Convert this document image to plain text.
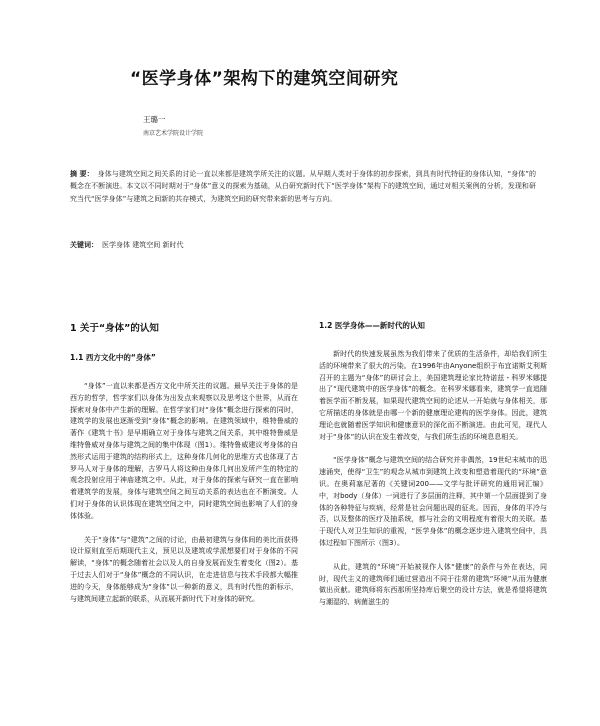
“医学身体”架构下的建筑空间研究
王璐一
南京艺术学院设计学院
摘 要： 身体与建筑空间之间关系的讨论一直以来都是建筑学所关注的议题。从早期人类对于身体的初步探索，到具有时代特征的身体认知，“身体”的概念在不断演进。本文以不同时期对于“身体”意义的探索为基础，从白研究新时代下“医学身体”架构下的建筑空间，通过对相关案例的分析，发现和研究当代“医学身体”与建筑之间新的共存模式，为建筑空间的研究带来新的思考与方向。
关键词： 医学身体 建筑空间 新时代
1 关于“身体”的认知
1.1 西方文化中的“身体”

“身体”一直以来都是西方文化中所关注的议题。最早关注于身体的是西方的哲学，哲学家们以身体为出发点来观察以及思考这个世界，从而在探索对身体中产生新的理解。在哲学家们对“身体”概念进行探索的同时，建筑学的发展也逐渐受到“身体”概念的影响。在建筑领域中，维特鲁威的著作《建筑十书》是早期确立对于身体与建筑之间关系，其中维特鲁威是维特鲁威对身体与建筑之间的集中体现（图1）。维特鲁威建议考身体的自然形式运用于建筑的结构形式上，这种身体几何化的思维方式也体现了古罗马人对于身体的理解，古罗马人将这种由身体几何出发所产生的特定的观念投射应用于神庙建筑之中。从此，对于身体的探索与研究一直在影响着建筑学的发展，身体与建筑空间之间互动关系的表达也在不断演变。人们对于身体的认识体现在建筑空间之中，同时建筑空间也影响了人们的身体体验。

关于“身体”与“建筑”之间的讨论，由最初建筑与身体间的美比而获得设计原则直至后期现代主义，预见以及建筑或学派想要们对于身体的不同解读，“身体”的概念随着社会以及人的自身发展而发生着变化（图2）。基于过去人们对于“身体”概念的不同认识，在走进信息与技术手段都大幅推进的今天，身体能够成为“身体”以一种新的意义，具有时代性的新标示，与建筑间建立起新的联系，从而展开新时代下对身体的研究。

1.2 医学身体——新时代的认知

新时代的快速发展虽然为我们带来了优质的生活条件，却给我们所生活的环境带来了很大的污染。在1996年由Anyone组织于布宜诺斯艾利斯召开的主题为“身体”的研讨会上，美国建筑理论家比特诺兹・科罗米娜提出了“现代建筑中的医学身体”的概念。在科罗米娜看来，建筑学一直追随着医学而不断发展，如果现代建筑空间的论述从一开始就与身体相关，那它所描述的身体就是由哪一个新的健康理论建构的医学身体。因此，建筑理论也就随着医学知识和健康意识的深化而不断演进。由此可见，现代人对于“身体”的认识在发生着改变，与我们所生活的环境息息相关。

“医学身体”概念与建筑空间的结合研究并非偶然，19世纪末城市的迅速涌突，使得“卫生”的观念从城市到建筑上改变和塑造着现代的“环境”意识。在奥莉塞尼著的《关键词200——文学与批评研究的通用词汇编》中，对body（身体）一词进行了多层面的注释，其中第一个层面提到了身体的各种特征与疾病，经常是社会问题出现的征兆。因而，身体的平冷与否，以及整体的医疗及抽系统，都与社会的文明程度有着很大的关联。基于现代人对卫生知识的重视，“医学身体”的概念逐步进入建筑空间中，具体过程如下图所示（图3）。

从此，建筑的“环境”开始被视作人体“健康”的条件与外在表达，同时，现代主义的建筑师们通过营造出不同于往常的建筑“环境”从而为健康做出贡献。建筑师将东西那所坚持库后聚空的设计方法，就是希望将建筑与潮湿的、病菌滋生的
